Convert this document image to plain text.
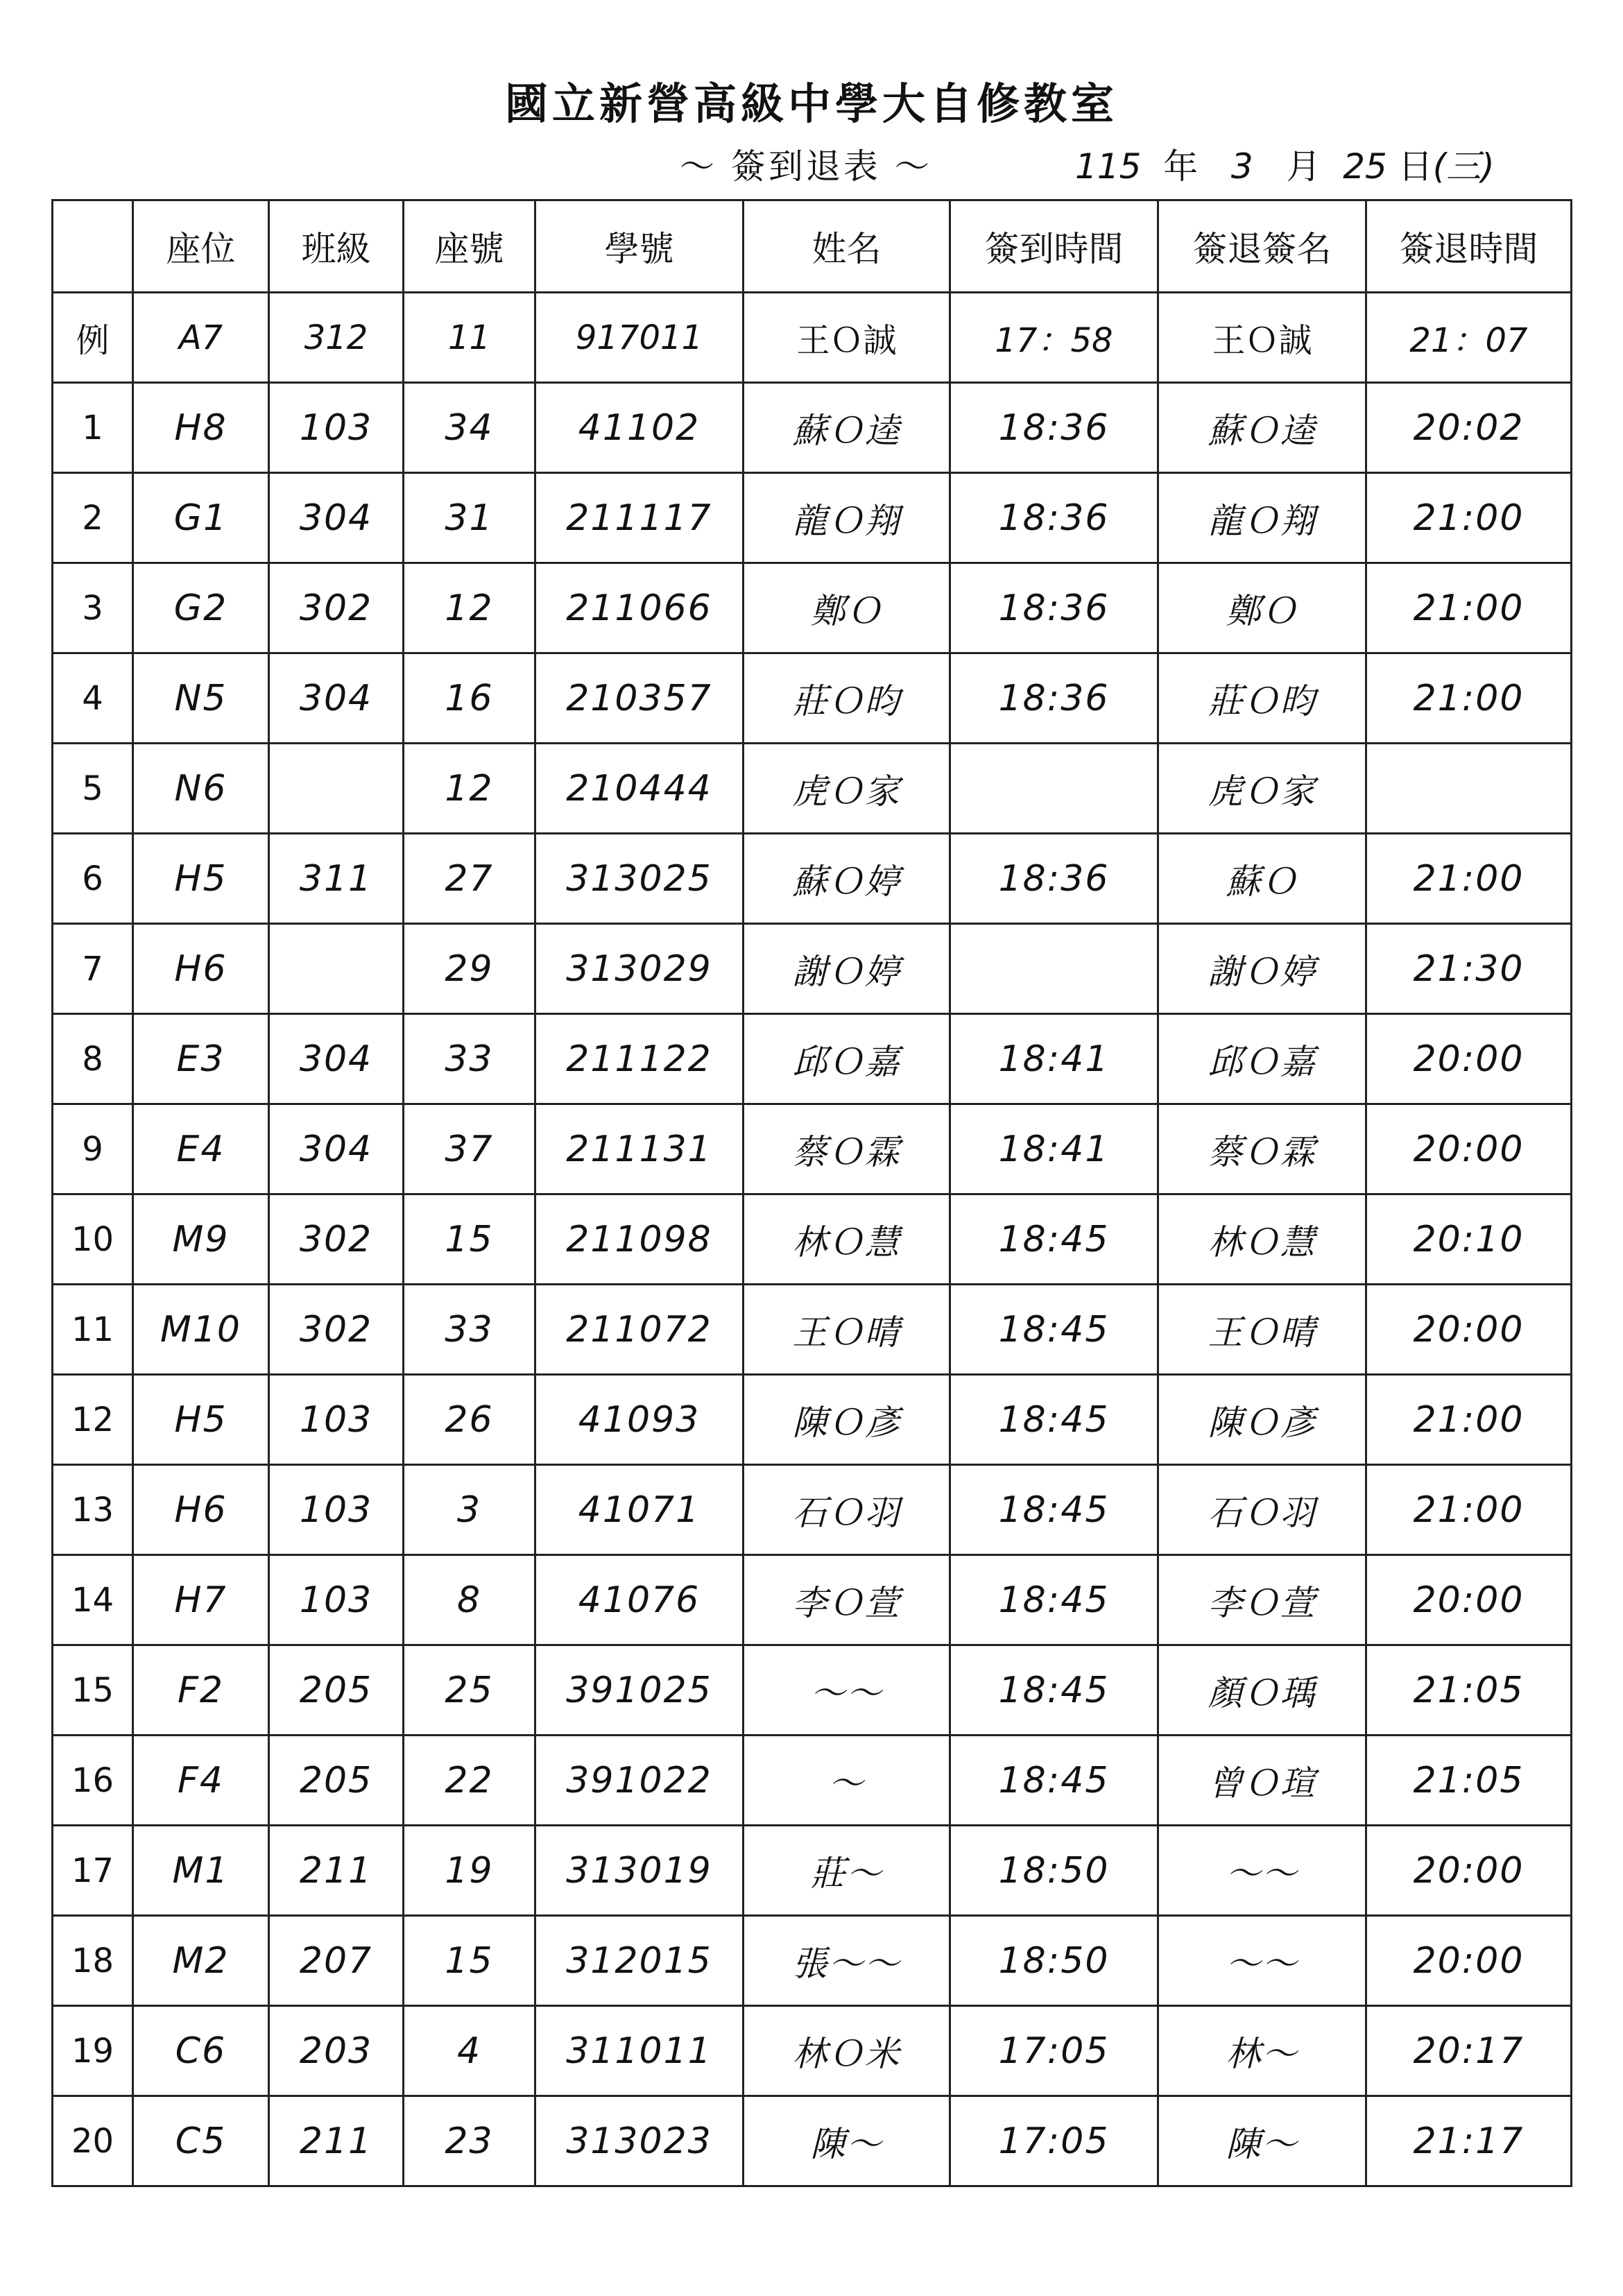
國立新營高級中學大自修教室
～ 簽到退表 ～	115 年 3 月 25 日(三)
	座位	班級	座號	學號	姓名	簽到時間	簽退簽名	簽退時間
例	A7	312	11	917011	王Ｏ誠	17：58	王Ｏ誠	21：07
1	H8	103	34	41102	蘇Ｏ逵	18:36	蘇Ｏ逵	20:02
2	G1	304	31	211117	龍Ｏ翔	18:36	龍Ｏ翔	21:00
3	G2	302	12	211066	鄭Ｏ	18:36	鄭Ｏ	21:00
4	N5	304	16	210357	莊Ｏ昀	18:36	莊Ｏ昀	21:00
5	N6		12	210444	虎Ｏ家		虎Ｏ家	
6	H5	311	27	313025	蘇Ｏ婷	18:36	蘇Ｏ	21:00
7	H6		29	313029	謝Ｏ婷		謝Ｏ婷	21:30
8	E3	304	33	211122	邱Ｏ嘉	18:41	邱Ｏ嘉	20:00
9	E4	304	37	211131	蔡Ｏ霖	18:41	蔡Ｏ霖	20:00
10	M9	302	15	211098	林Ｏ慧	18:45	林Ｏ慧	20:10
11	M10	302	33	211072	王Ｏ晴	18:45	王Ｏ晴	20:00
12	H5	103	26	41093	陳Ｏ彥	18:45	陳Ｏ彥	21:00
13	H6	103	3	41071	石Ｏ羽	18:45	石Ｏ羽	21:00
14	H7	103	8	41076	李Ｏ萱	18:45	李Ｏ萱	20:00
15	F2	205	25	391025	～～	18:45	顏Ｏ瑀	21:05
16	F4	205	22	391022	～	18:45	曾Ｏ瑄	21:05
17	M1	211	19	313019	莊～	18:50	～～	20:00
18	M2	207	15	312015	張～～	18:50	～～	20:00
19	C6	203	4	311011	林Ｏ米	17:05	林～	20:17
20	C5	211	23	313023	陳～	17:05	陳～	21:17
